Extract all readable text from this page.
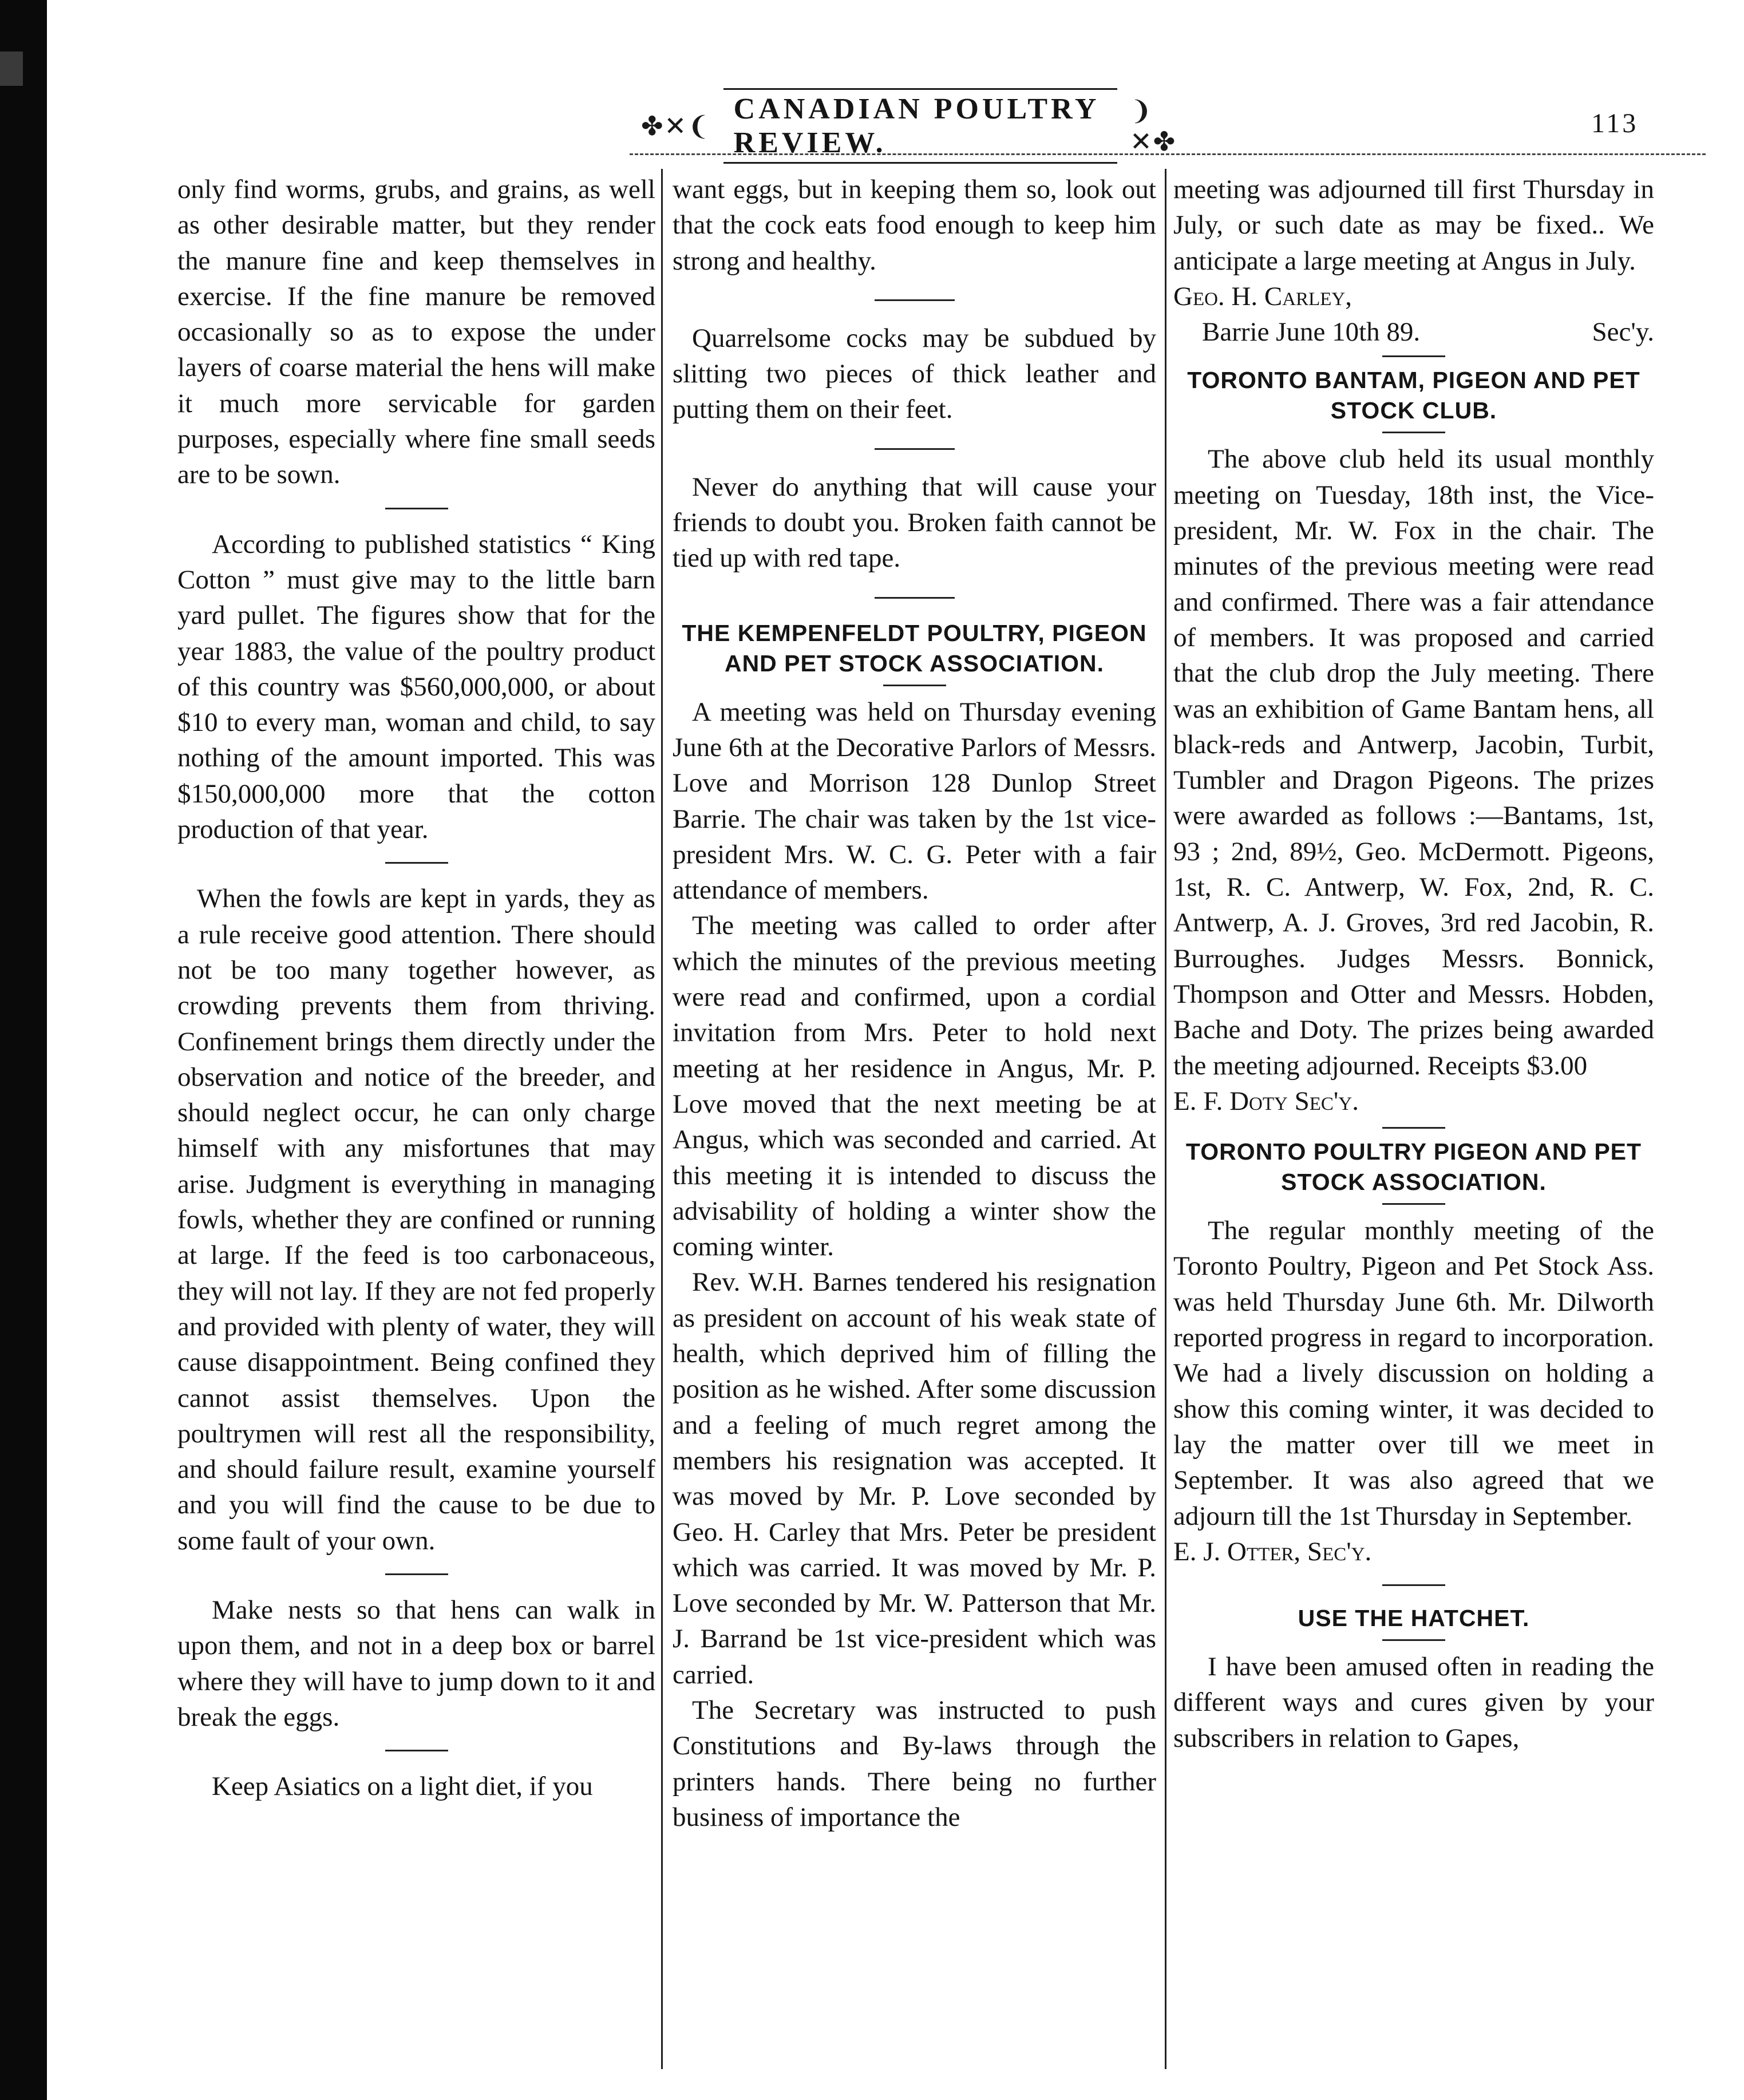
✤✕❨
CANADIAN POULTRY REVIEW.
❩✕✤
113

only find worms, grubs, and grains, as well as other desirable matter, but they render the manure fine and keep themselves in exercise. If the fine manure be removed occasionally so as to expose the under layers of coarse material the hens will make it much more servicable for garden purposes, especially where fine small seeds are to be sown.

According to published statistics “ King Cotton ” must give may to the little barn yard pullet. The figures show that for the year 1883, the value of the poultry product of this country was $560,000,000, or about $10 to every man, woman and child, to say nothing of the amount imported. This was $150,000,000 more that the cotton production of that year.

When the fowls are kept in yards, they as a rule receive good attention. There should not be too many together however, as crowding prevents them from thriving. Confinement brings them directly under the observation and notice of the breeder, and should neglect occur, he can only charge himself with any misfortunes that may arise. Judgment is everything in managing fowls, whether they are confined or running at large. If the feed is too carbonaceous, they will not lay. If they are not fed properly and provided with plenty of water, they will cause disappointment. Being confined they cannot assist themselves. Upon the poultrymen will rest all the responsibility, and should failure result, examine yourself and you will find the cause to be due to some fault of your own.

Make nests so that hens can walk in upon them, and not in a deep box or barrel where they will have to jump down to it and break the eggs.

Keep Asiatics on a light diet, if you

want eggs, but in keeping them so, look out that the cock eats food enough to keep him strong and healthy.

Quarrelsome cocks may be subdued by slitting two pieces of thick leather and putting them on their feet.

Never do anything that will cause your friends to doubt you. Broken faith cannot be tied up with red tape.

THE KEMPENFELDT POULTRY, PIGEON AND PET STOCK ASSOCIATION.

A meeting was held on Thursday evening June 6th at the Decorative Parlors of Messrs. Love and Morrison 128 Dunlop Street Barrie. The chair was taken by the 1st vice-president Mrs. W. C. G. Peter with a fair attendance of members.

The meeting was called to order after which the minutes of the previous meeting were read and confirmed, upon a cordial invitation from Mrs. Peter to hold next meeting at her residence in Angus, Mr. P. Love moved that the next meeting be at Angus, which was seconded and carried. At this meeting it is intended to discuss the advisability of holding a winter show the coming winter.

Rev. W.H. Barnes tendered his resignation as president on account of his weak state of health, which deprived him of filling the position as he wished. After some discussion and a feeling of much regret among the members his resignation was accepted. It was moved by Mr. P. Love seconded by Geo. H. Carley that Mrs. Peter be president which was carried. It was moved by Mr. P. Love seconded by Mr. W. Patterson that Mr. J. Barrand be 1st vice-president which was carried.

The Secretary was instructed to push Constitutions and By-laws through the printers hands. There being no further business of importance the

meeting was adjourned till first Thursday in July, or such date as may be fixed.. We anticipate a large meeting at Angus in July.

Geo. H. Carley,

Barrie June 10th 89.	Sec'y.
TORONTO BANTAM, PIGEON AND PET STOCK CLUB.

The above club held its usual monthly meeting on Tuesday, 18th inst, the Vice-president, Mr. W. Fox in the chair. The minutes of the previous meeting were read and confirmed. There was a fair attendance of members. It was proposed and carried that the club drop the July meeting. There was an exhibition of Game Bantam hens, all black-reds and Antwerp, Jacobin, Turbit, Tumbler and Dragon Pigeons. The prizes were awarded as follows :—Bantams, 1st, 93 ; 2nd, 89½, Geo. McDermott. Pigeons, 1st, R. C. Antwerp, W. Fox, 2nd, R. C. Antwerp, A. J. Groves, 3rd red Jacobin, R. Burroughes. Judges Messrs. Bonnick, Thompson and Otter and Messrs. Hobden, Bache and Doty. The prizes being awarded the meeting adjourned. Receipts $3.00

E. F. Doty Sec'y.

TORONTO POULTRY PIGEON AND PET STOCK ASSOCIATION.

The regular monthly meeting of the Toronto Poultry, Pigeon and Pet Stock Ass. was held Thursday June 6th. Mr. Dilworth reported progress in regard to incorporation. We had a lively discussion on holding a show this coming winter, it was decided to lay the matter over till we meet in September. It was also agreed that we adjourn till the 1st Thursday in September.

E. J. Otter, Sec'y.

USE THE HATCHET.

I have been amused often in reading the different ways and cures given by your subscribers in relation to Gapes,
